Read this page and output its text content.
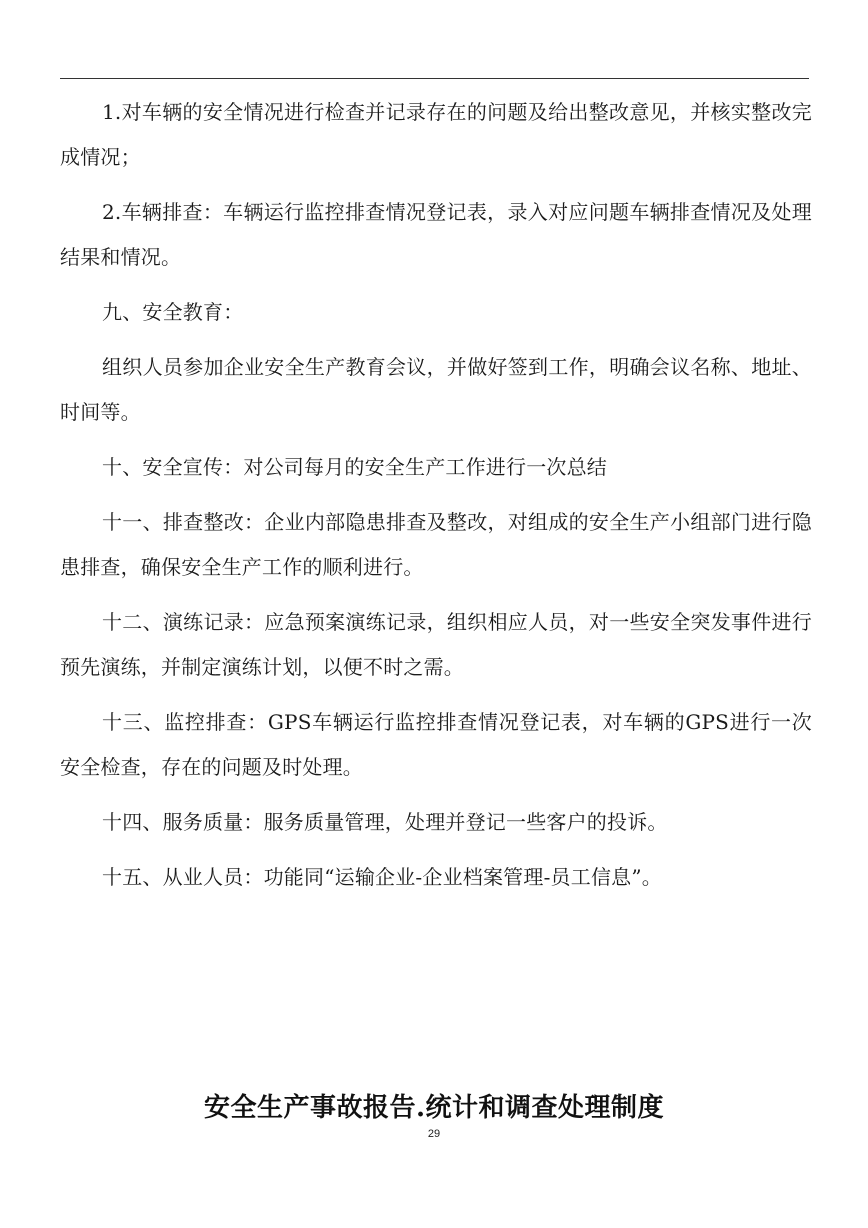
1.对车辆的安全情况进行检查并记录存在的问题及给出整改意见，并核实整改完成情况；

2.车辆排查：车辆运行监控排查情况登记表，录入对应问题车辆排查情况及处理结果和情况。

九、安全教育：

组织人员参加企业安全生产教育会议，并做好签到工作，明确会议名称、地址、时间等。

十、安全宣传：对公司每月的安全生产工作进行一次总结

十一、排查整改：企业内部隐患排查及整改，对组成的安全生产小组部门进行隐患排查，确保安全生产工作的顺利进行。

十二、演练记录：应急预案演练记录，组织相应人员，对一些安全突发事件进行预先演练，并制定演练计划，以便不时之需。

十三、监控排查：GPS车辆运行监控排查情况登记表，对车辆的GPS进行一次安全检查，存在的问题及时处理。

十四、服务质量：服务质量管理，处理并登记一些客户的投诉。

十五、从业人员：功能同“运输企业-企业档案管理-员工信息”。

安全生产事故报告.统计和调查处理制度
29
